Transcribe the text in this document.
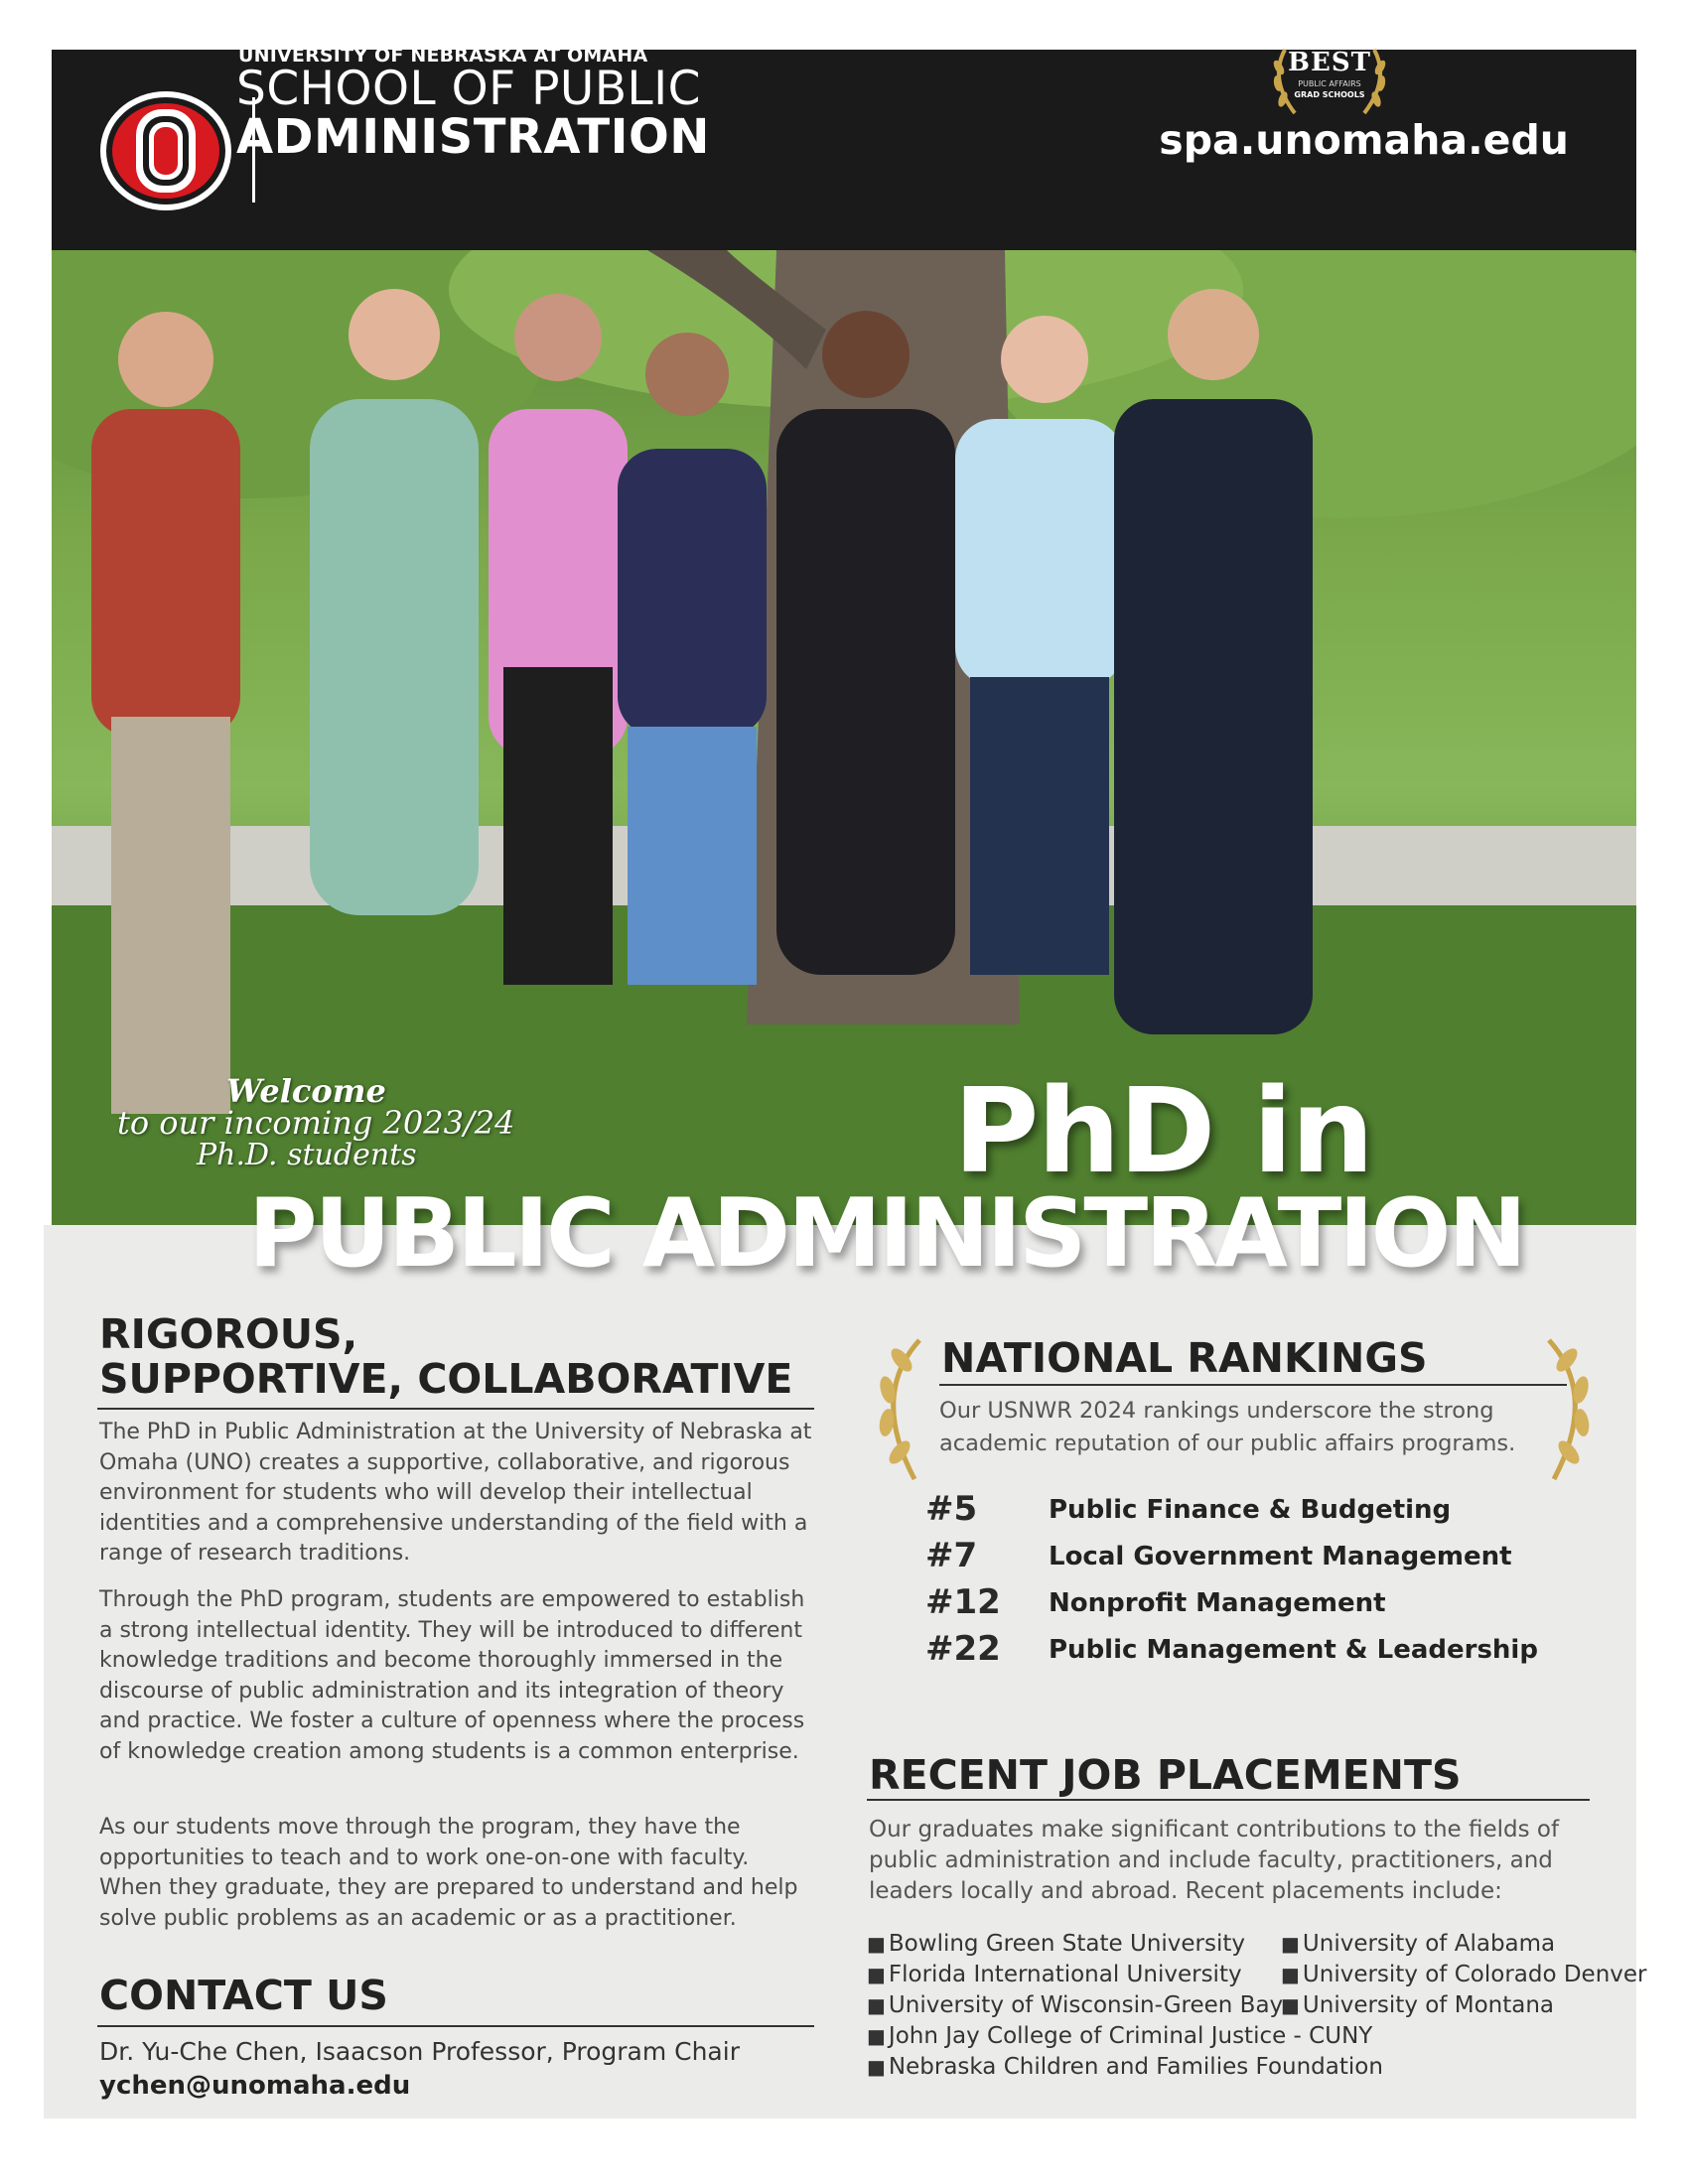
UNIVERSITY OF NEBRASKA AT OMAHA
SCHOOL OF PUBLIC
ADMINISTRATION
BEST
PUBLIC AFFAIRS
GRAD SCHOOLS
spa.unomaha.edu
Welcome
to our incoming 2023/24
Ph.D. students	PhD in
PUBLIC ADMINISTRATION
RIGOROUS,
SUPPORTIVE, COLLABORATIVE
The PhD in Public Administration at the University of Nebraska at Omaha (UNO) creates a supportive, collaborative, and rigorous environment for students who will develop their intellectual identities and a comprehensive understanding of the field with a range of research traditions.
Through the PhD program, students are empowered to establish a strong intellectual identity. They will be introduced to different knowledge traditions and become thoroughly immersed in the discourse of public administration and its integration of theory and practice. We foster a culture of openness where the process of knowledge creation among students is a common enterprise.
As our students move through the program, they have the opportunities to teach and to work one-on-one with faculty. When they graduate, they are prepared to understand and help solve public problems as an academic or as a practitioner.
CONTACT US
Dr. Yu-Che Chen, Isaacson Professor, Program Chair
ychen@unomaha.edu
NATIONAL RANKINGS
Our USNWR 2024 rankings underscore the strong academic reputation of our public affairs programs.
#5	Public Finance & Budgeting
#7	Local Government Management
#12 Nonprofit Management
#22 Public Management & Leadership
RECENT JOB PLACEMENTS
Our graduates make significant contributions to the fields of public administration and include faculty, practitioners, and leaders locally and abroad. Recent placements include:
■ Bowling Green State University
■ Florida International University
■ University of Wisconsin-Green Bay
■ John Jay College of Criminal Justice - CUNY
■ Nebraska Children and Families Foundation
■ University of Alabama
■ University of Colorado Denver
■ University of Montana
